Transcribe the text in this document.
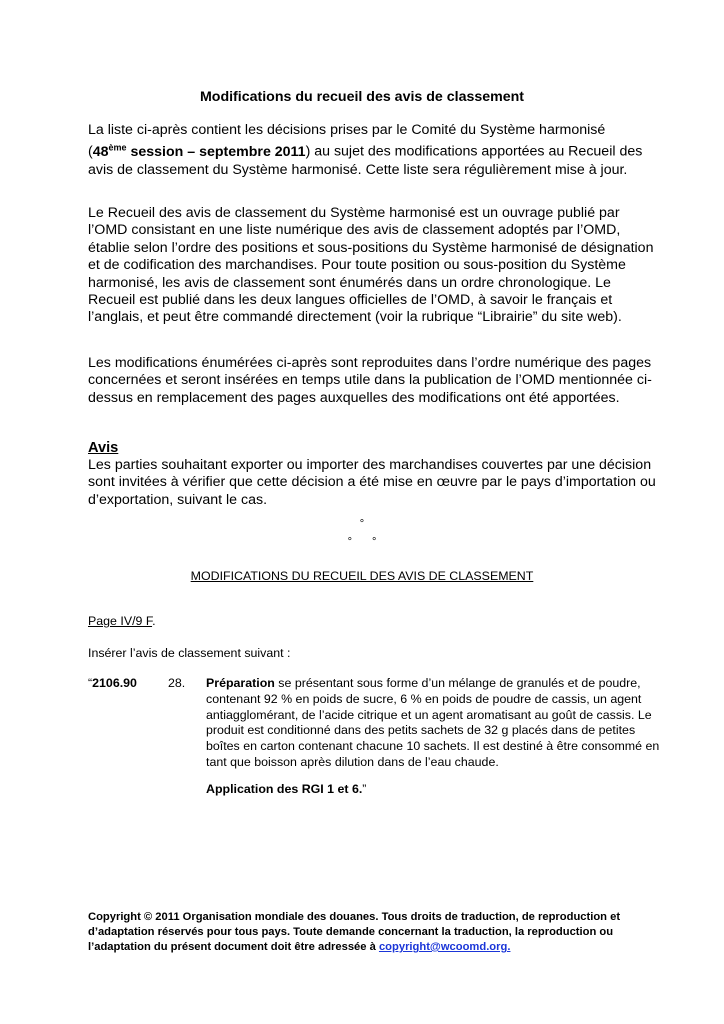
Modifications du recueil des avis de classement

La liste ci-après contient les décisions prises par le Comité du Système harmonisé
(48ème session – septembre 2011) au sujet des modifications apportées au Recueil des avis de classement du Système harmonisé. Cette liste sera régulièrement mise à jour.

Le Recueil des avis de classement du Système harmonisé est un ouvrage publié par l’OMD consistant en une liste numérique des avis de classement adoptés par l’OMD, établie selon l’ordre des positions et sous-positions du Système harmonisé de désignation et de codification des marchandises. Pour toute position ou sous-position du Système harmonisé, les avis de classement sont énumérés dans un ordre chronologique. Le Recueil est publié dans les deux langues officielles de l’OMD, à savoir le français et l’anglais, et peut être commandé directement (voir la rubrique “Librairie” du site web).

Les modifications énumérées ci-après sont reproduites dans l’ordre numérique des pages concernées et seront insérées en temps utile dans la publication de l’OMD mentionnée ci-dessus en remplacement des pages auxquelles des modifications ont été apportées.

Avis

Les parties souhaitant exporter ou importer des marchandises couvertes par une décision sont invitées à vérifier que cette décision a été mise en œuvre par le pays d’importation ou d’exportation, suivant le cas.

°
° °
MODIFICATIONS DU RECUEIL DES AVIS DE CLASSEMENT
Page IV/9 F.
Insérer l’avis de classement suivant :
“2106.90	28. Préparation se présentant sous forme d’un mélange de granulés et de poudre, contenant 92 % en poids de sucre, 6 % en poids de poudre de cassis, un agent antiagglomérant, de l’acide citrique et un agent aromatisant au goût de cassis. Le produit est conditionné dans des petits sachets de 32 g placés dans de petites boîtes en carton contenant chacune 10 sachets. Il est destiné à être consommé en tant que boisson après dilution dans de l’eau chaude.

Application des RGI 1 et 6.”

Copyright © 2011 Organisation mondiale des douanes. Tous droits de traduction, de reproduction et d’adaptation réservés pour tous pays. Toute demande concernant la traduction, la reproduction ou l’adaptation du présent document doit être adressée à copyright@wcoomd.org.
